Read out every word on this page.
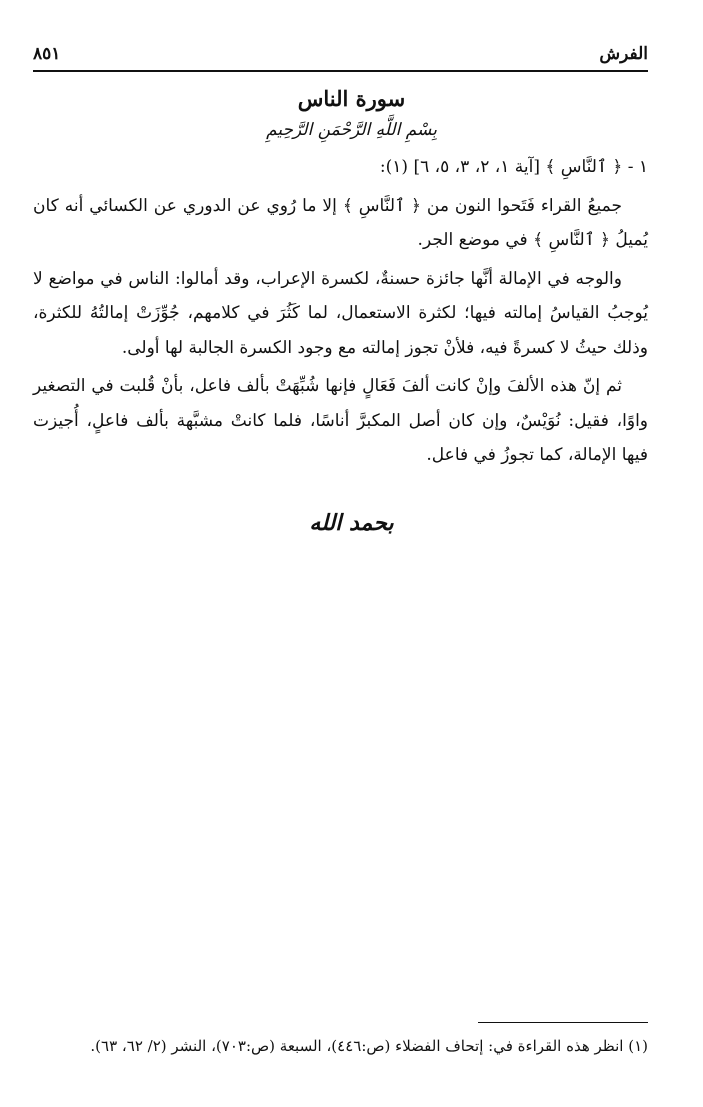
الفرش
٨٥١
سورة الناس
بِسْمِ اللَّهِ الرَّحْمَنِ الرَّحِيمِ

١ - ﴿ ٱلنَّاسِ ﴾ [آية ١، ٢، ٣، ٥، ٦] (١):

جميعُ القراء فَتَحوا النون من ﴿ ٱلنَّاسِ ﴾ إلا ما رُوي عن الدوري عن الكسائي أنه كان يُميلُ ﴿ ٱلنَّاسِ ﴾ في موضع الجر.

والوجه في الإمالة أنَّها جائزة حسنةٌ، لكسرة الإعراب، وقد أمالوا: الناس في مواضع لا يُوجبُ القياسُ إمالته فيها؛ لكثرة الاستعمال، لما كَثُرَ في كلامهم، جُوِّزَتْ إمالتُهُ للكثرة، وذلك حيثُ لا كسرةً فيه، فلأنْ تجوز إمالته مع وجود الكسرة الجالبة لها أولى.

ثم إنّ هذه الألفَ وإنْ كانت ألفَ فَعَالٍ فإنها شُبِّهَتْ بألف فاعل، بأنْ قُلبت في التصغير واوًا، فقيل: نُوَيْسٌ، وإن كان أصل المكبرَّ أناسًا، فلما كانتْ مشبَّهة بألف فاعلٍ، أُجيزت فيها الإمالة، كما تجوزُ في فاعل.

بحمد الله
(١) انظر هذه القراءة في: إتحاف الفضلاء (ص:٤٤٦)، السبعة (ص:٧٠٣)، النشر (٢/ ٦٢، ٦٣).
